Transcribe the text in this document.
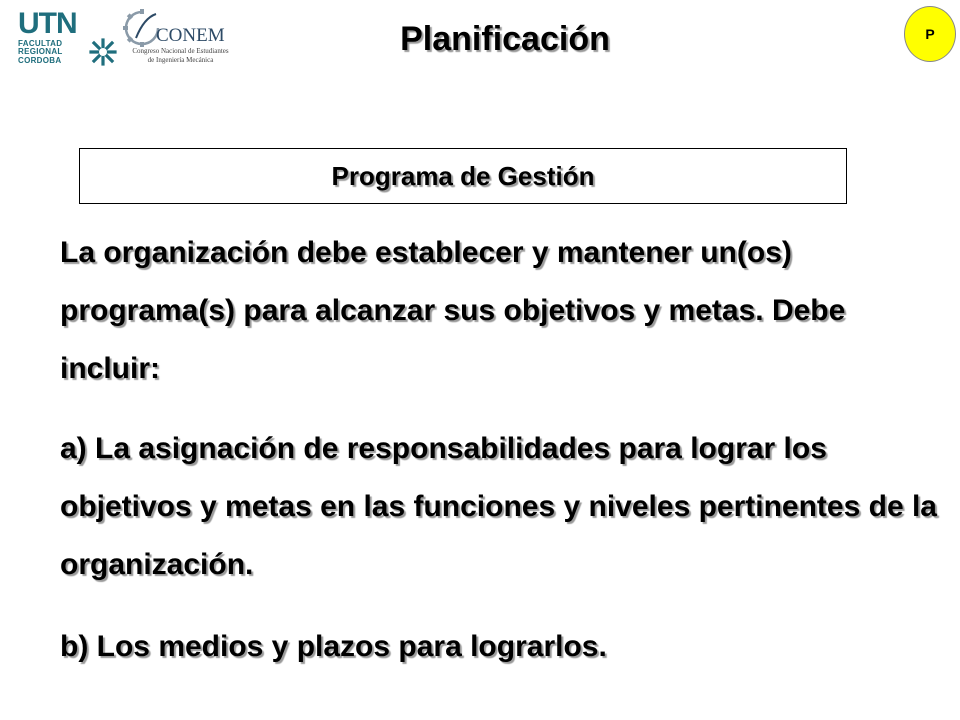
UTN
FACULTAD
REGIONAL
CORDOBA
CONEM
Congreso Nacional de Estudiantes
de Ingeniería Mecánica
Planificación	P
Programa de Gestión

La organización debe establecer y mantener un(os) programa(s) para alcanzar sus objetivos y metas. Debe incluir:

a) La asignación de responsabilidades para lograr los objetivos y metas en las funciones y niveles pertinentes de la organización.

b) Los medios y plazos para lograrlos.
